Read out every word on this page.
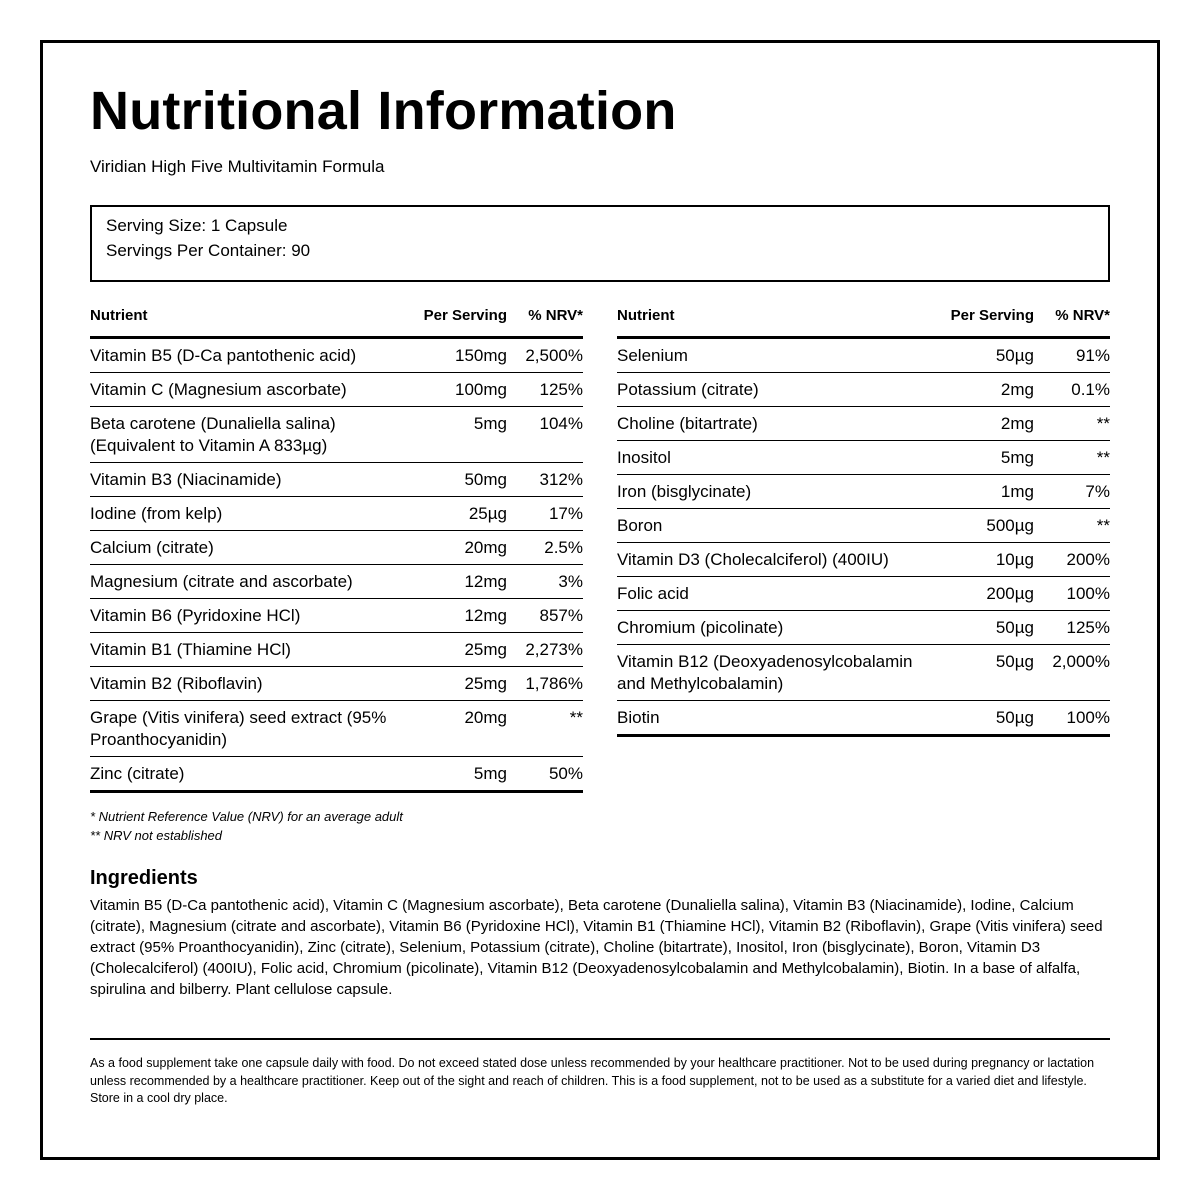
Nutritional Information
Viridian High Five Multivitamin Formula
Serving Size: 1 Capsule
Servings Per Container: 90
Nutrient	Per Serving	% NRV*
Vitamin B5 (D-Ca pantothenic acid)	150mg	2,500%
Vitamin C (Magnesium ascorbate)	100mg	125%
Beta carotene (Dunaliella salina) (Equivalent to Vitamin A 833µg)	5mg	104%
Vitamin B3 (Niacinamide)	50mg	312%
Iodine (from kelp)	25µg	17%
Calcium (citrate)	20mg	2.5%
Magnesium (citrate and ascorbate)	12mg	3%
Vitamin B6 (Pyridoxine HCl)	12mg	857%
Vitamin B1 (Thiamine HCl)	25mg	2,273%
Vitamin B2 (Riboflavin)	25mg	1,786%
Grape (Vitis vinifera) seed extract (95% Proanthocyanidin)	20mg	**
Zinc (citrate)	5mg	50%
Nutrient	Per Serving	% NRV*
Selenium	50µg	91%
Potassium (citrate)	2mg	0.1%
Choline (bitartrate)	2mg	**
Inositol	5mg	**
Iron (bisglycinate)	1mg	7%
Boron	500µg	**
Vitamin D3 (Cholecalciferol) (400IU)	10µg	200%
Folic acid	200µg	100%
Chromium (picolinate)	50µg	125%
Vitamin B12 (Deoxyadenosylcobalamin and Methylcobalamin)	50µg	2,000%
Biotin	50µg	100%
* Nutrient Reference Value (NRV) for an average adult
** NRV not established
Ingredients
Vitamin B5 (D-Ca pantothenic acid), Vitamin C (Magnesium ascorbate), Beta carotene (Dunaliella salina), Vitamin B3 (Niacinamide), Iodine, Calcium (citrate), Magnesium (citrate and ascorbate), Vitamin B6 (Pyridoxine HCl), Vitamin B1 (Thiamine HCl), Vitamin B2 (Riboflavin), Grape (Vitis vinifera) seed extract (95% Proanthocyanidin), Zinc (citrate), Selenium, Potassium (citrate), Choline (bitartrate), Inositol, Iron (bisglycinate), Boron, Vitamin D3 (Cholecalciferol) (400IU), Folic acid, Chromium (picolinate), Vitamin B12 (Deoxyadenosylcobalamin and Methylcobalamin), Biotin. In a base of alfalfa, spirulina and bilberry. Plant cellulose capsule.
As a food supplement take one capsule daily with food. Do not exceed stated dose unless recommended by your healthcare practitioner. Not to be used during pregnancy or lactation unless recommended by a healthcare practitioner. Keep out of the sight and reach of children. This is a food supplement, not to be used as a substitute for a varied diet and lifestyle. Store in a cool dry place.
